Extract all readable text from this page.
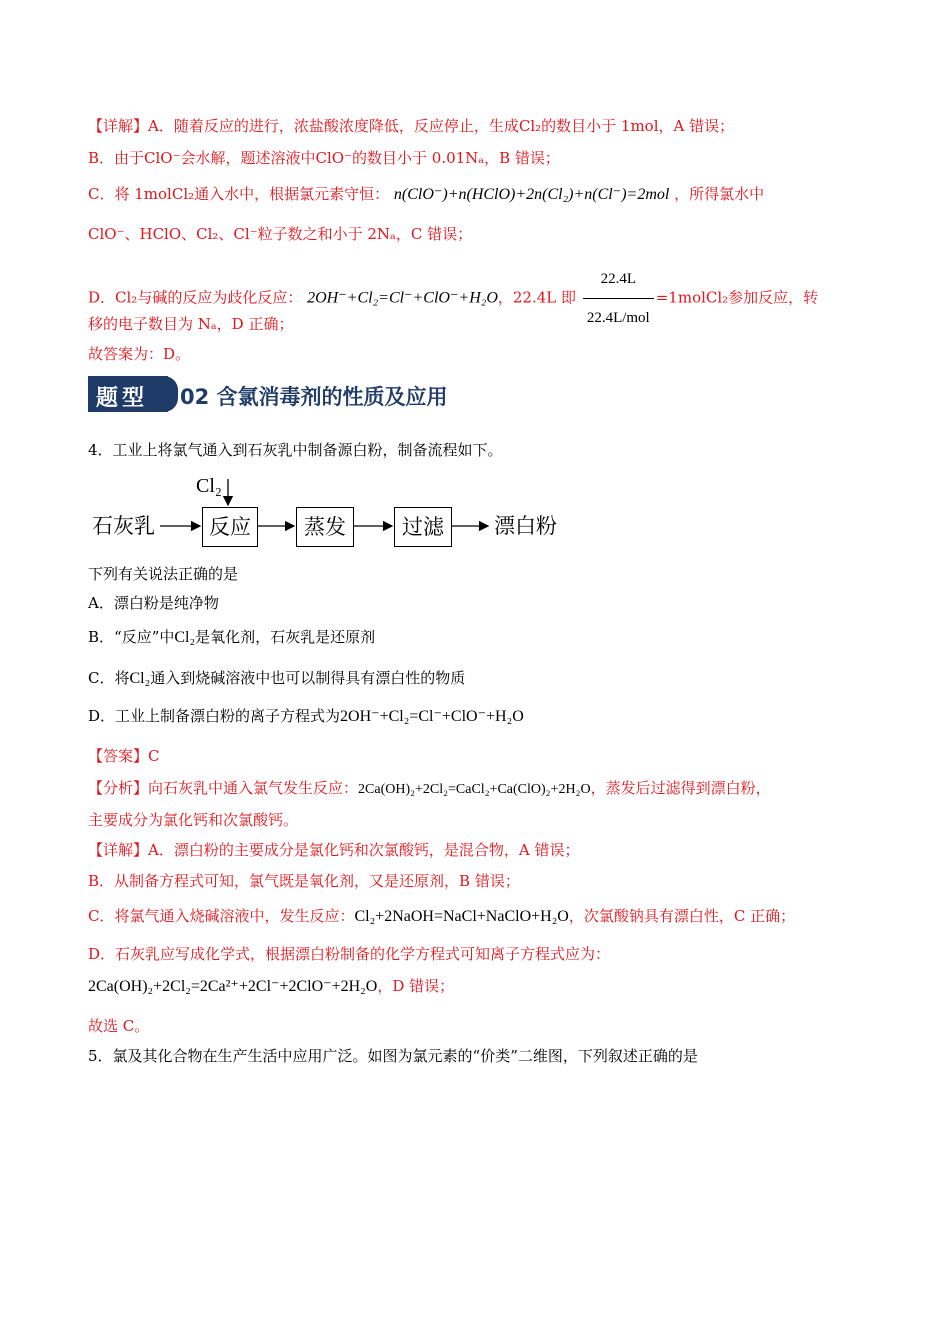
【详解】A．随着反应的进行，浓盐酸浓度降低，反应停止，生成Cl₂的数目小于 1mol，A 错误；
B．由于ClO⁻会水解，题述溶液中ClO⁻的数目小于 0.01Nₐ，B 错误；
C．将 1molCl₂通入水中，根据氯元素守恒： n(ClO⁻)+n(HClO)+2n(Cl₂)+n(Cl⁻)=2mol ，所得氯水中
ClO⁻、HClO、Cl₂、Cl⁻粒子数之和小于 2Nₐ，C 错误；
D．Cl₂与碱的反应为歧化反应： 2OH⁻+Cl₂=Cl⁻+ClO⁻+H₂O，22.4L 即 $\frac{22.4L}{\text{22.4L/mol}}$ =1molCl₂参加反应，转
移的电子数目为 Nₐ，D 正确；
故答案为：D。
题型 02 含氯消毒剂的性质及应用
4．工业上将氯气通入到石灰乳中制备源白粉，制备流程如下。
Cl₂
石灰乳	反应	蒸发	过滤	漂白粉
下列有关说法正确的是
A．漂白粉是纯净物
B．“反应”中Cl₂是氧化剂，石灰乳是还原剂
C．将Cl₂通入到烧碱溶液中也可以制得具有漂白性的物质
D．工业上制备漂白粉的离子方程式为2OH⁻+Cl₂=Cl⁻+ClO⁻+H₂O
【答案】C
【分析】向石灰乳中通入氯气发生反应：2Ca(OH)₂+2Cl₂=CaCl₂+Ca(ClO)₂+2H₂O，蒸发后过滤得到漂白粉，
主要成分为氯化钙和次氯酸钙。
【详解】A．漂白粉的主要成分是氯化钙和次氯酸钙，是混合物，A 错误；
B．从制备方程式可知，氯气既是氧化剂，又是还原剂，B 错误；
C．将氯气通入烧碱溶液中，发生反应：Cl₂+2NaOH=NaCl+NaClO+H₂O，次氯酸钠具有漂白性，C 正确；
D．石灰乳应写成化学式，根据漂白粉制备的化学方程式可知离子方程式应为：
2Ca(OH)₂+2Cl₂=2Ca²⁺+2Cl⁻+2ClO⁻+2H₂O，D 错误；
故选 C。
5．氯及其化合物在生产生活中应用广泛。如图为氯元素的“价类”二维图，下列叙述正确的是
